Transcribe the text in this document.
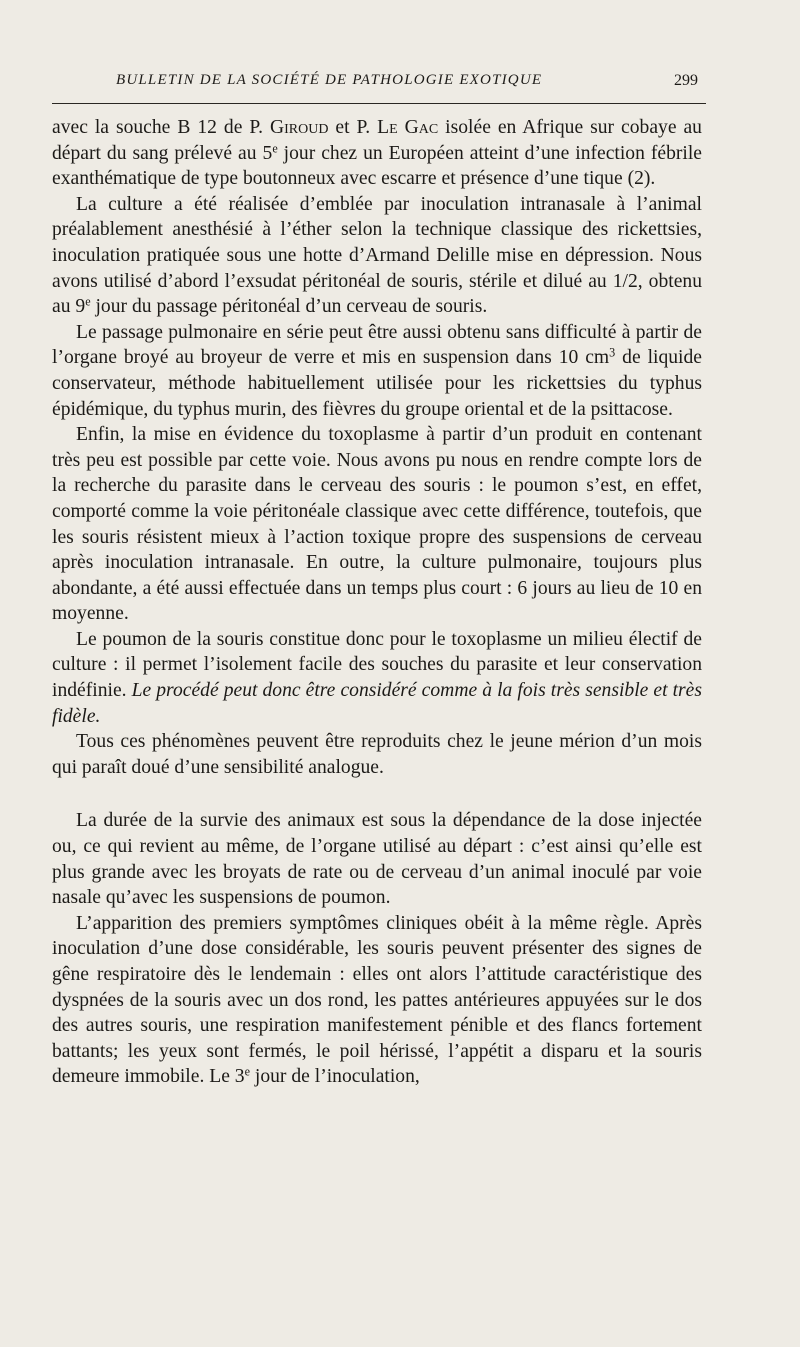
BULLETIN DE LA SOCIÉTÉ DE PATHOLOGIE EXOTIQUE	299

avec la souche B 12 de P. Giroud et P. Le Gac isolée en Afrique sur cobaye au départ du sang prélevé au 5e jour chez un Européen atteint d’une infection fébrile exanthématique de type boutonneux avec escarre et présence d’une tique (2).

La culture a été réalisée d’emblée par inoculation intranasale à l’animal préalablement anesthésié à l’éther selon la technique classique des rickettsies, inoculation pratiquée sous une hotte d’Armand Delille mise en dépression. Nous avons utilisé d’abord l’exsudat péritonéal de souris, stérile et dilué au 1/2, obtenu au 9e jour du passage péritonéal d’un cerveau de souris.

Le passage pulmonaire en série peut être aussi obtenu sans difficulté à partir de l’organe broyé au broyeur de verre et mis en suspension dans 10 $cm^3$ de liquide conservateur, méthode habituellement utilisée pour les rickettsies du typhus épidémique, du typhus murin, des fièvres du groupe oriental et de la psittacose.

Enfin, la mise en évidence du toxoplasme à partir d’un produit en contenant très peu est possible par cette voie. Nous avons pu nous en rendre compte lors de la recherche du parasite dans le cerveau des souris : le poumon s’est, en effet, comporté comme la voie péritonéale classique avec cette différence, toutefois, que les souris résistent mieux à l’action toxique propre des suspensions de cerveau après inoculation intranasale. En outre, la culture pulmonaire, toujours plus abondante, a été aussi effectuée dans un temps plus court : 6 jours au lieu de 10 en moyenne.

Le poumon de la souris constitue donc pour le toxoplasme un milieu électif de culture : il permet l’isolement facile des souches du parasite et leur conservation indéfinie. Le procédé peut donc être considéré comme à la fois très sensible et très fidèle.

Tous ces phénomènes peuvent être reproduits chez le jeune mérion d’un mois qui paraît doué d’une sensibilité analogue.

La durée de la survie des animaux est sous la dépendance de la dose injectée ou, ce qui revient au même, de l’organe utilisé au départ : c’est ainsi qu’elle est plus grande avec les broyats de rate ou de cerveau d’un animal inoculé par voie nasale qu’avec les suspensions de poumon.

L’apparition des premiers symptômes cliniques obéit à la même règle. Après inoculation d’une dose considérable, les souris peuvent présenter des signes de gêne respiratoire dès le lendemain : elles ont alors l’attitude caractéristique des dyspnées de la souris avec un dos rond, les pattes antérieures appuyées sur le dos des autres souris, une respiration manifestement pénible et des flancs fortement battants; les yeux sont fermés, le poil hérissé, l’appétit a disparu et la souris demeure immobile. Le 3e jour de l’inoculation,
